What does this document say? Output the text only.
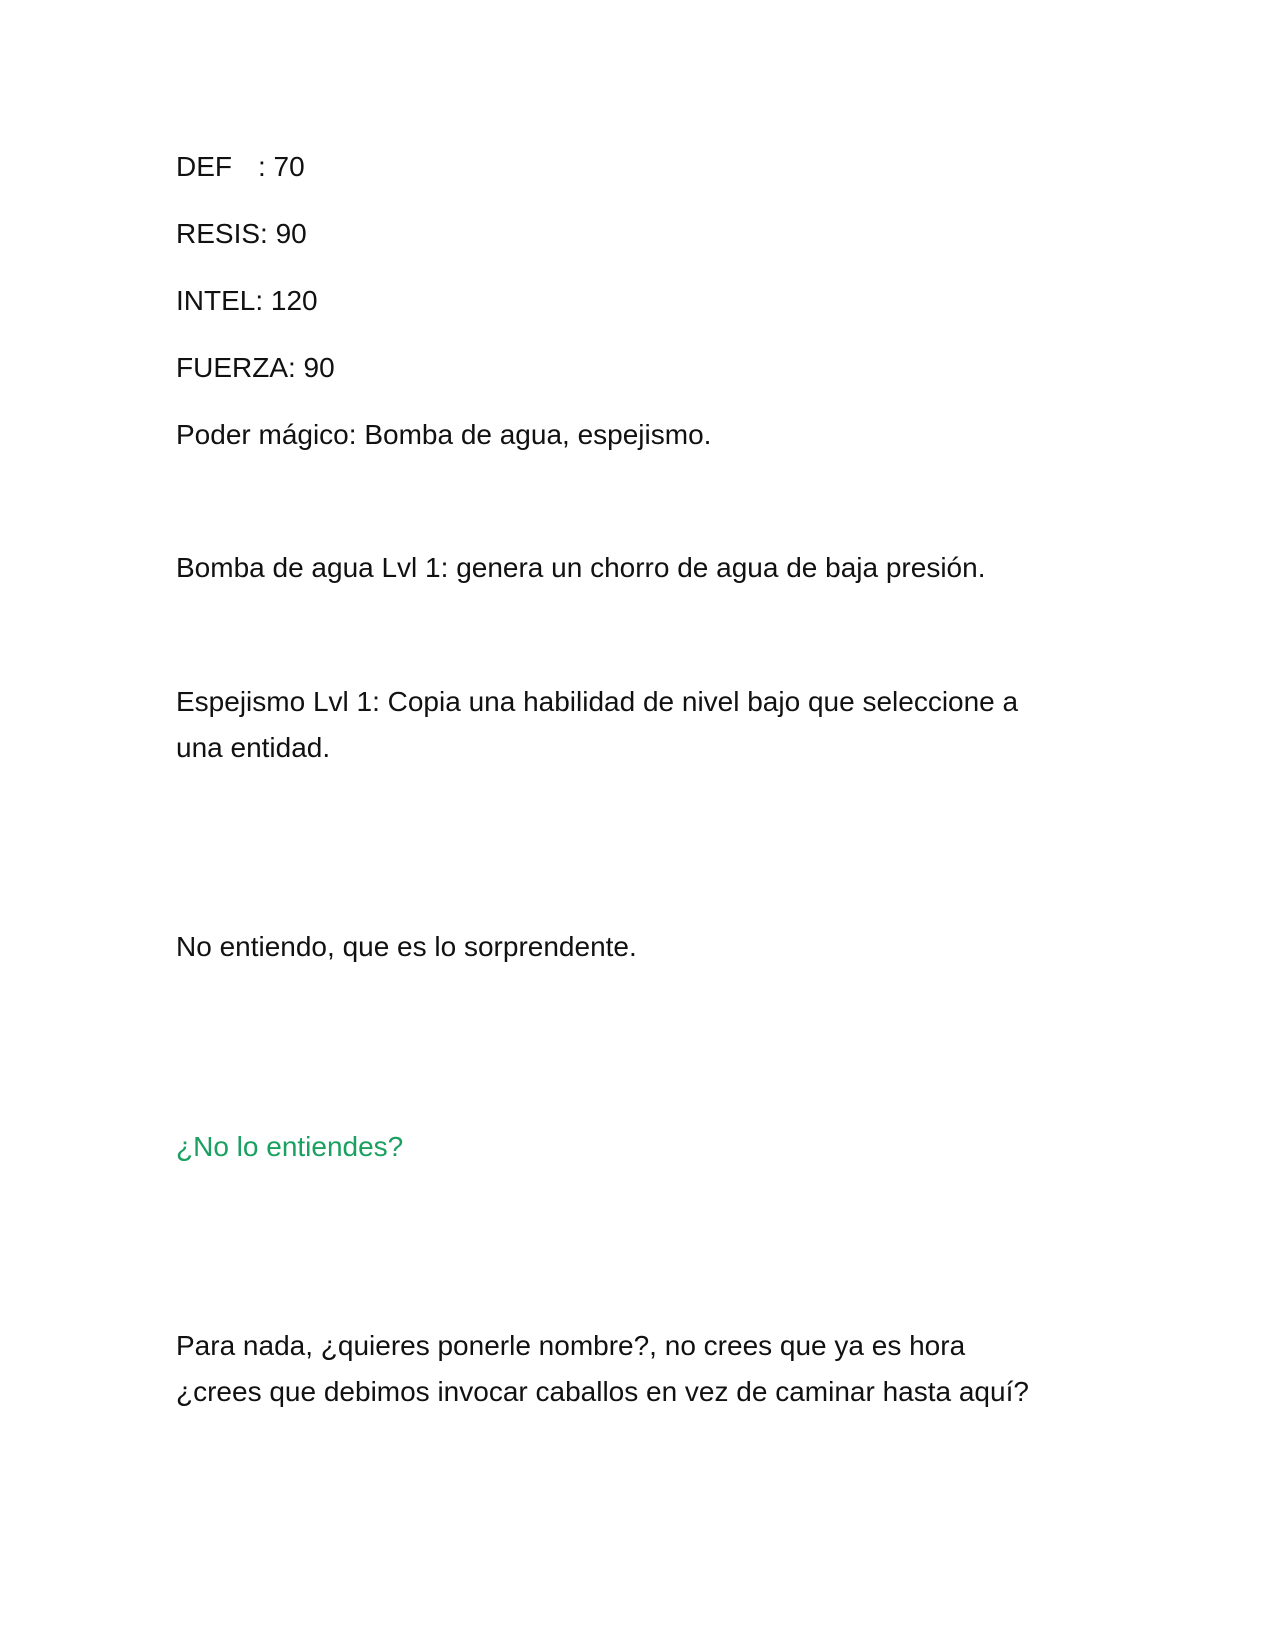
DEF : 70

RESIS: 90

INTEL: 120

FUERZA: 90

Poder mágico: Bomba de agua, espejismo.

Bomba de agua Lvl 1: genera un chorro de agua de baja presión.

Espejismo Lvl 1: Copia una habilidad de nivel bajo que seleccione a

una entidad.

No entiendo, que es lo sorprendente.

¿No lo entiendes?

Para nada, ¿quieres ponerle nombre?, no crees que ya es hora

¿crees que debimos invocar caballos en vez de caminar hasta aquí?
